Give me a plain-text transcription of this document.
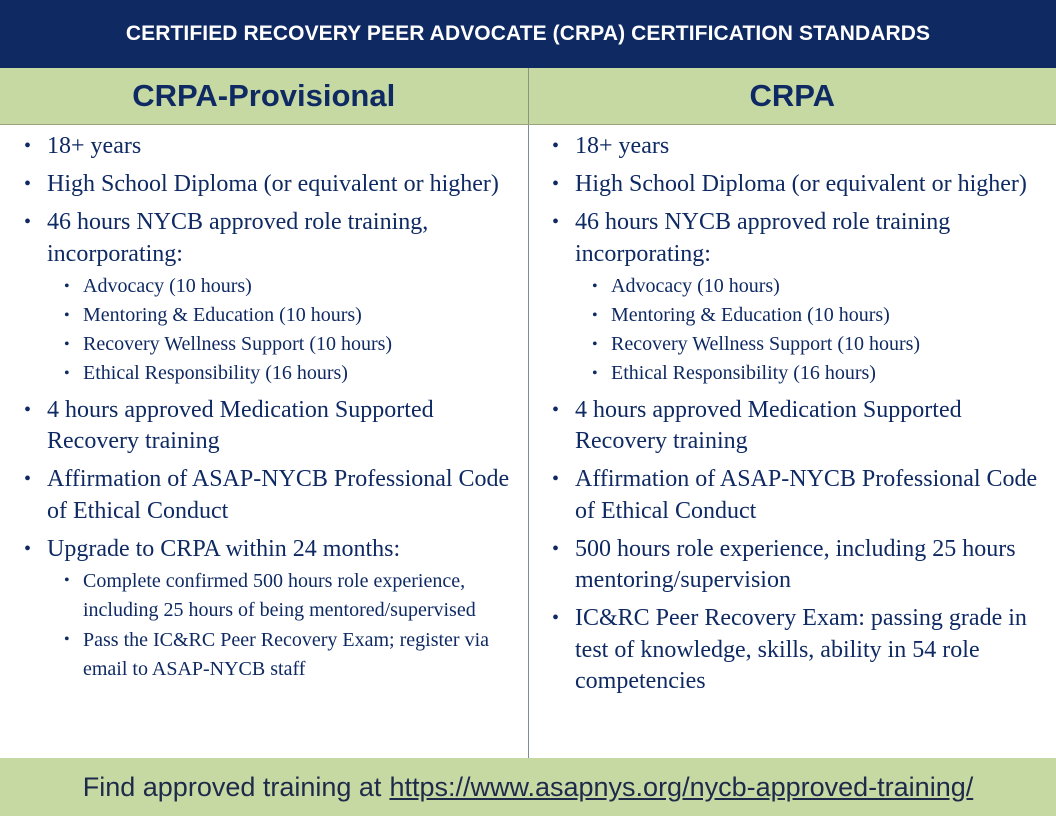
CERTIFIED RECOVERY PEER ADVOCATE (CRPA) CERTIFICATION STANDARDS
CRPA-Provisional	CRPA
• 18+ years
• High School Diploma (or equivalent or higher)
• 46 hours NYCB approved role training, incorporating:
• Advocacy (10 hours)
• Mentoring & Education (10 hours)
• Recovery Wellness Support (10 hours)
• Ethical Responsibility (16 hours)
• 4 hours approved Medication Supported Recovery training
• Affirmation of ASAP-NYCB Professional Code of Ethical Conduct
• Upgrade to CRPA within 24 months:
• Complete confirmed 500 hours role experience, including 25 hours of being mentored/supervised
• Pass the IC&RC Peer Recovery Exam; register via email to ASAP-NYCB staff
• 18+ years
• High School Diploma (or equivalent or higher)
• 46 hours NYCB approved role training incorporating:
• Advocacy (10 hours)
• Mentoring & Education (10 hours)
• Recovery Wellness Support (10 hours)
• Ethical Responsibility (16 hours)
• 4 hours approved Medication Supported Recovery training
• Affirmation of ASAP-NYCB Professional Code of Ethical Conduct
• 500 hours role experience, including 25 hours mentoring/supervision
• IC&RC Peer Recovery Exam: passing grade in test of knowledge, skills, ability in 54 role competencies
Find approved training at https://www.asapnys.org/nycb-approved-training/
